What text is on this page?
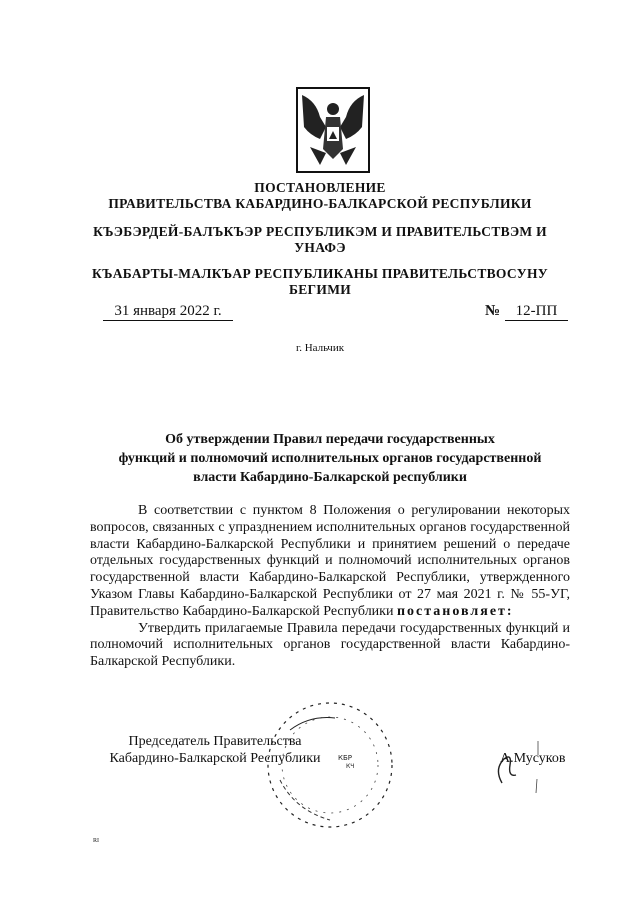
ПОСТАНОВЛЕНИЕ
ПРАВИТЕЛЬСТВА КАБАРДИНО-БАЛКАРСКОЙ РЕСПУБЛИКИ
КЪЭБЭРДЕЙ-БАЛЪКЪЭР РЕСПУБЛИКЭМ И ПРАВИТЕЛЬСТВЭМ И
УНАФЭ
КЪАБАРТЫ-МАЛКЪАР РЕСПУБЛИКАНЫ ПРАВИТЕЛЬСТВОСУНУ
БЕГИМИ
31 января 2022 г.	№	12-ПП
г. Нальчик
Об утверждении Правил передачи государственных
функций и полномочий исполнительных органов государственной
власти Кабардино-Балкарской республики

В соответствии с пунктом 8 Положения о регулировании некоторых вопросов, связанных с упразднением исполнительных органов государственной власти Кабардино-Балкарской Республики и принятием решений о передаче отдельных государственных функций и полномочий исполнительных органов государственной власти Кабардино-Балкарской Республики, утвержденного Указом Главы Кабардино-Балкарской Республики от 27 мая 2021 г. № 55-УГ, Правительство Кабардино-Балкарской Республики постановляет:

Утвердить прилагаемые Правила передачи государственных функций и полномочий исполнительных органов государственной власти Кабардино-Балкарской Республики.

КБР
КЧ
Председатель Правительства
Кабардино-Балкарской Республики	А.Мусуков
RI
